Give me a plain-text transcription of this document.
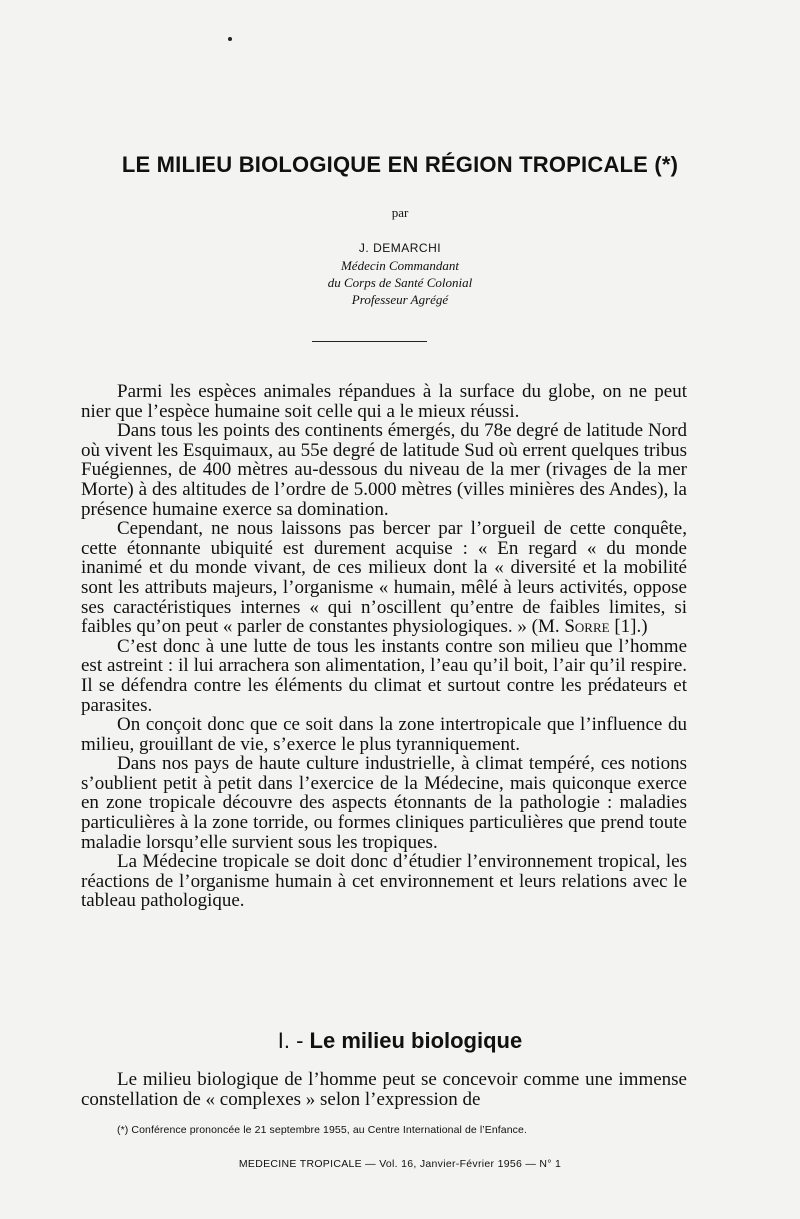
LE MILIEU BIOLOGIQUE EN RÉGION TROPICALE (*)
par
J. DEMARCHI
Médecin Commandant
du Corps de Santé Colonial
Professeur Agrégé

Parmi les espèces animales répandues à la surface du globe, on ne peut nier que l’espèce humaine soit celle qui a le mieux réussi.

Dans tous les points des continents émergés, du 78e degré de latitude Nord où vivent les Esquimaux, au 55e degré de latitude Sud où errent quelques tribus Fuégiennes, de 400 mètres au-dessous du niveau de la mer (rivages de la mer Morte) à des altitudes de l’ordre de 5.000 mètres (villes minières des Andes), la présence humaine exerce sa domination.

Cependant, ne nous laissons pas bercer par l’orgueil de cette conquête, cette étonnante ubiquité est durement acquise : « En regard « du monde inanimé et du monde vivant, de ces milieux dont la « diversité et la mobilité sont les attributs majeurs, l’organisme « humain, mêlé à leurs activités, oppose ses caractéristiques internes « qui n’oscillent qu’entre de faibles limites, si faibles qu’on peut « parler de constantes physiologiques. » (M. Sorre [1].)

C’est donc à une lutte de tous les instants contre son milieu que l’homme est astreint : il lui arrachera son alimentation, l’eau qu’il boit, l’air qu’il respire. Il se défendra contre les éléments du climat et surtout contre les prédateurs et parasites.

On conçoit donc que ce soit dans la zone intertropicale que l’influence du milieu, grouillant de vie, s’exerce le plus tyranniquement.

Dans nos pays de haute culture industrielle, à climat tempéré, ces notions s’oublient petit à petit dans l’exercice de la Médecine, mais quiconque exerce en zone tropicale découvre des aspects étonnants de la pathologie : maladies particulières à la zone torride, ou formes cliniques particulières que prend toute maladie lorsqu’elle survient sous les tropiques.

La Médecine tropicale se doit donc d’étudier l’environnement tropical, les réactions de l’organisme humain à cet environnement et leurs relations avec le tableau pathologique.

I. - Le milieu biologique

Le milieu biologique de l’homme peut se concevoir comme une immense constellation de « complexes » selon l’expression de

(*) Conférence prononcée le 21 septembre 1955, au Centre International de l’Enfance.
MEDECINE TROPICALE — Vol. 16, Janvier-Février 1956 — N° 1
